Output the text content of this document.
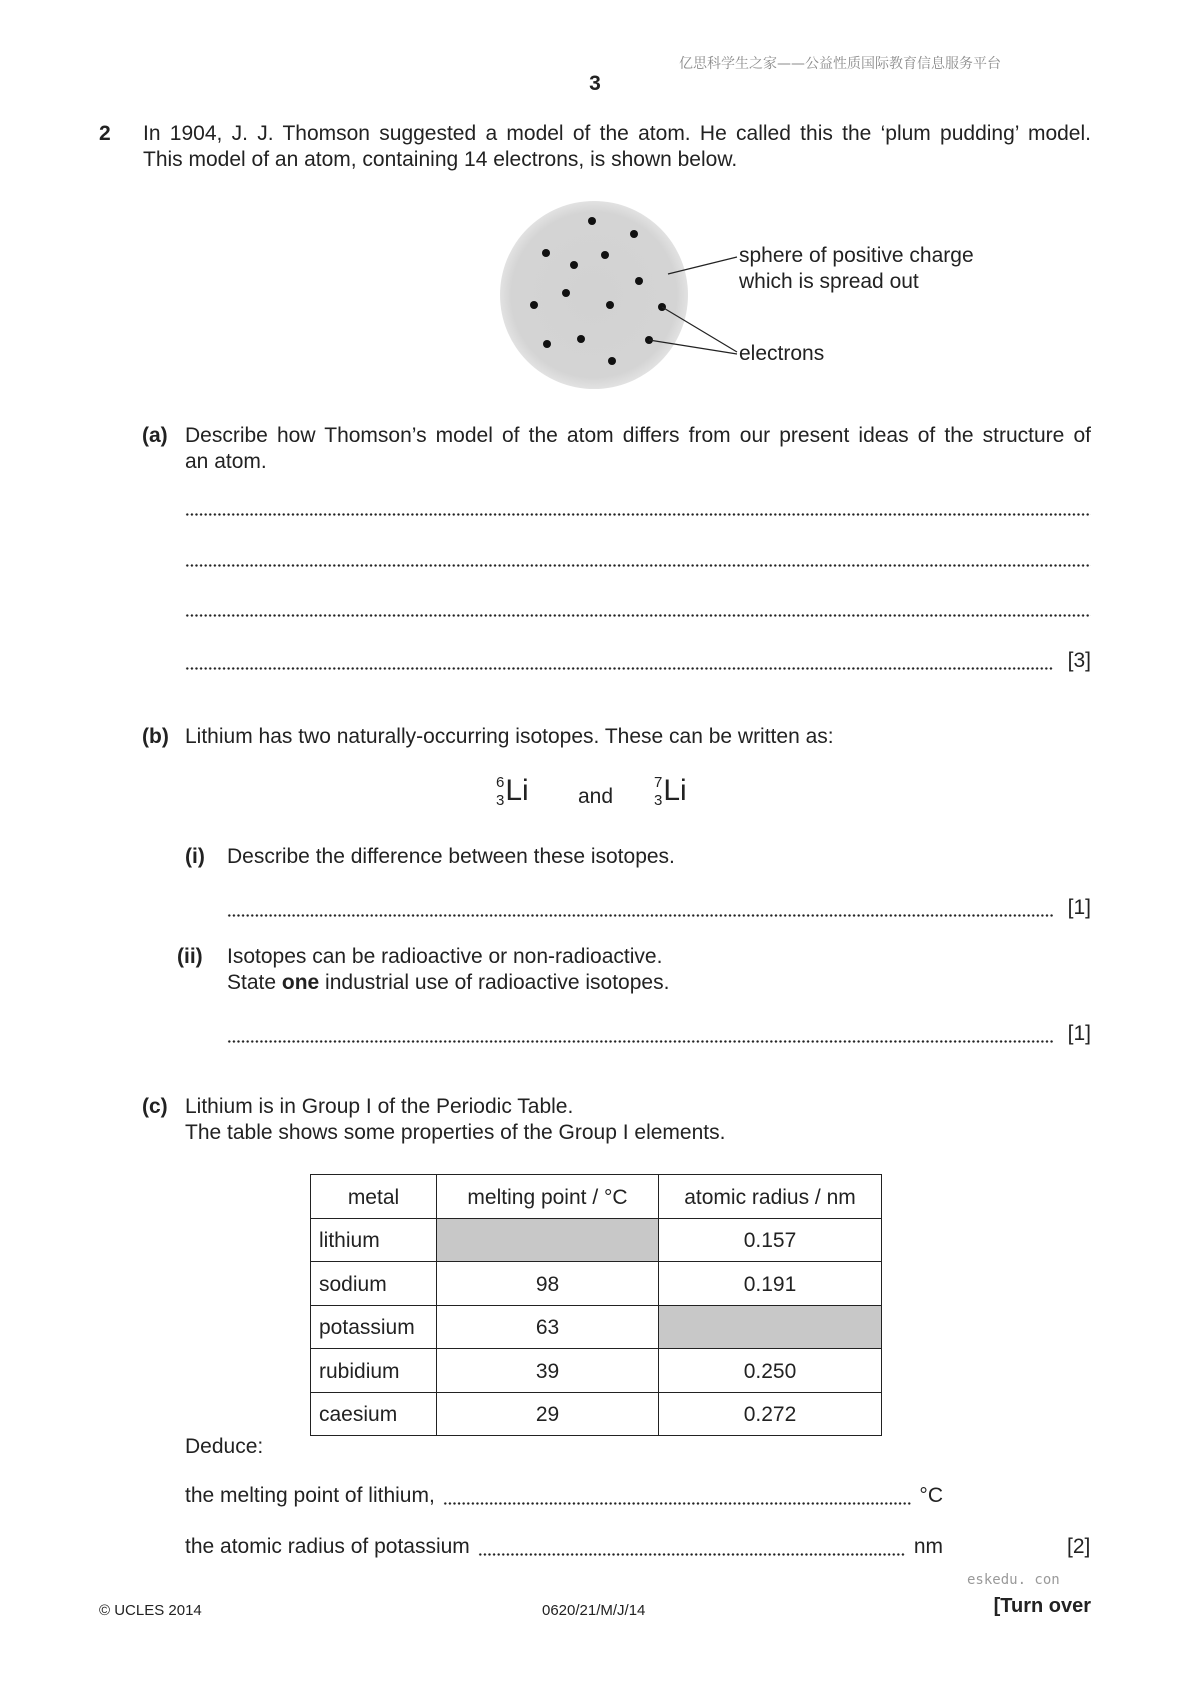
亿思科学生之家——公益性质国际教育信息服务平台
3
2 In 1904, J. J. Thomson suggested a model of the atom. He called this the ‘plum pudding’ model.
This model of an atom, containing 14 electrons, is shown below.
sphere of positive charge
which is spread out
electrons
(a) Describe how Thomson’s model of the atom differs from our present ideas of the structure of
an atom.
[3]
(b) Lithium has two naturally-occurring isotopes. These can be written as:
6
3 Li and
7
3 Li
(i) Describe the difference between these isotopes.
[1]
(ii) Isotopes can be radioactive or non-radioactive.
State one industrial use of radioactive isotopes.
[1]
(c) Lithium is in Group I of the Periodic Table.
The table shows some properties of the Group I elements.
metal	melting point / °C	atomic radius / nm
lithium		0.157
sodium	98	0.191
potassium	63	
rubidium	39	0.250
caesium	29	0.272
Deduce:
the melting point of lithium,	°C
the atomic radius of potassium	nm	[2]
eskedu. con
© UCLES 2014	0620/21/M/J/14	[Turn over
